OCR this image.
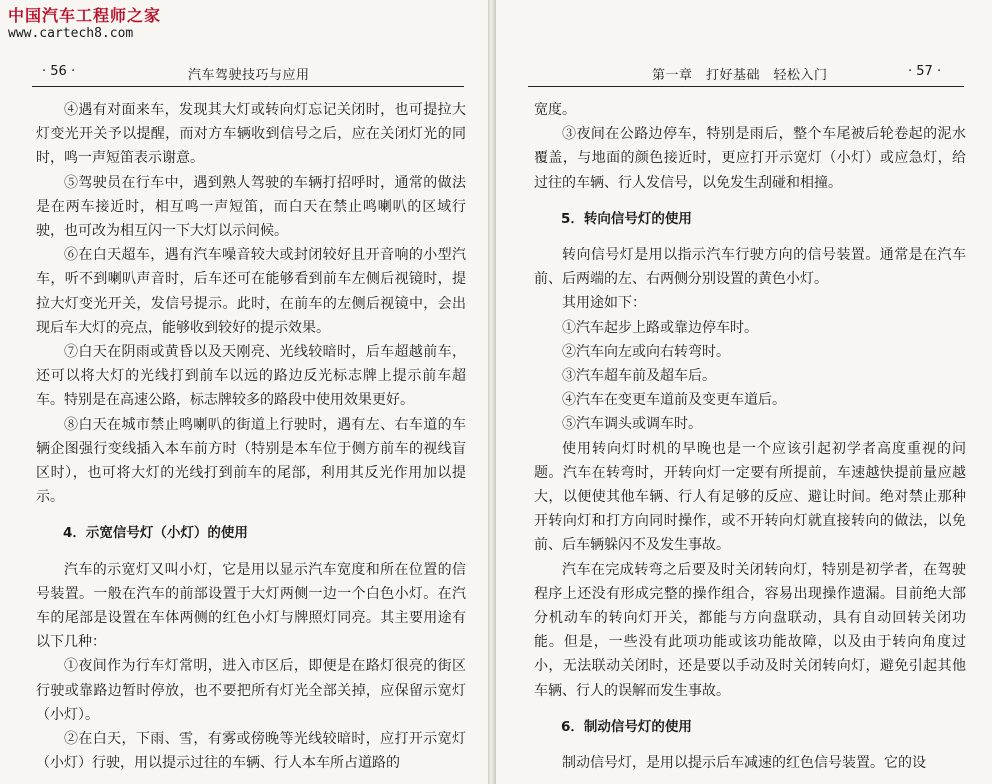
· 56 ·	汽车驾驶技巧与应用

④遇有对面来车，发现其大灯或转向灯忘记关闭时，也可提拉大灯变光开关予以提醒，而对方车辆收到信号之后，应在关闭灯光的同时，鸣一声短笛表示谢意。

⑤驾驶员在行车中，遇到熟人驾驶的车辆打招呼时，通常的做法是在两车接近时，相互鸣一声短笛，而白天在禁止鸣喇叭的区域行驶，也可改为相互闪一下大灯以示问候。

⑥在白天超车，遇有汽车噪音较大或封闭较好且开音响的小型汽车，听不到喇叭声音时，后车还可在能够看到前车左侧后视镜时，提拉大灯变光开关，发信号提示。此时，在前车的左侧后视镜中，会出现后车大灯的亮点，能够收到较好的提示效果。

⑦白天在阴雨或黄昏以及天刚亮、光线较暗时，后车超越前车，还可以将大灯的光线打到前车以远的路边反光标志牌上提示前车超车。特别是在高速公路，标志牌较多的路段中使用效果更好。

⑧白天在城市禁止鸣喇叭的街道上行驶时，遇有左、右车道的车辆企图强行变线插入本车前方时（特别是本车位于侧方前车的视线盲区时），也可将大灯的光线打到前车的尾部，利用其反光作用加以提示。

4．示宽信号灯（小灯）的使用

汽车的示宽灯又叫小灯，它是用以显示汽车宽度和所在位置的信号装置。一般在汽车的前部设置于大灯两侧一边一个白色小灯。在汽车的尾部是设置在车体两侧的红色小灯与牌照灯同亮。其主要用途有以下几种：

①夜间作为行车灯常明，进入市区后，即便是在路灯很亮的街区行驶或靠路边暂时停放，也不要把所有灯光全部关掉，应保留示宽灯（小灯）。

②在白天，下雨、雪，有雾或傍晚等光线较暗时，应打开示宽灯（小灯）行驶，用以提示过往的车辆、行人本车所占道路的

第一章　打好基础　轻松入门	· 57 ·

宽度。

③夜间在公路边停车，特别是雨后，整个车尾被后轮卷起的泥水覆盖，与地面的颜色接近时，更应打开示宽灯（小灯）或应急灯，给过往的车辆、行人发信号，以免发生刮碰和相撞。

5．转向信号灯的使用

转向信号灯是用以指示汽车行驶方向的信号装置。通常是在汽车前、后两端的左、右两侧分别设置的黄色小灯。

其用途如下：

①汽车起步上路或靠边停车时。

②汽车向左或向右转弯时。

③汽车超车前及超车后。

④汽车在变更车道前及变更车道后。

⑤汽车调头或调车时。

使用转向灯时机的早晚也是一个应该引起初学者高度重视的问题。汽车在转弯时，开转向灯一定要有所提前，车速越快提前量应越大，以便使其他车辆、行人有足够的反应、避让时间。绝对禁止那种开转向灯和打方向同时操作，或不开转向灯就直接转向的做法，以免前、后车辆躲闪不及发生事故。

汽车在完成转弯之后要及时关闭转向灯，特别是初学者，在驾驶程序上还没有形成完整的操作组合，容易出现操作遗漏。目前绝大部分机动车的转向灯开关，都能与方向盘联动，具有自动回转关闭功能。但是，一些没有此项功能或该功能故障，以及由于转向角度过小，无法联动关闭时，还是要以手动及时关闭转向灯，避免引起其他车辆、行人的误解而发生事故。

6．制动信号灯的使用

制动信号灯，是用以提示后车减速的红色信号装置。它的设

中国汽车工程师之家
www.cartech8.com
